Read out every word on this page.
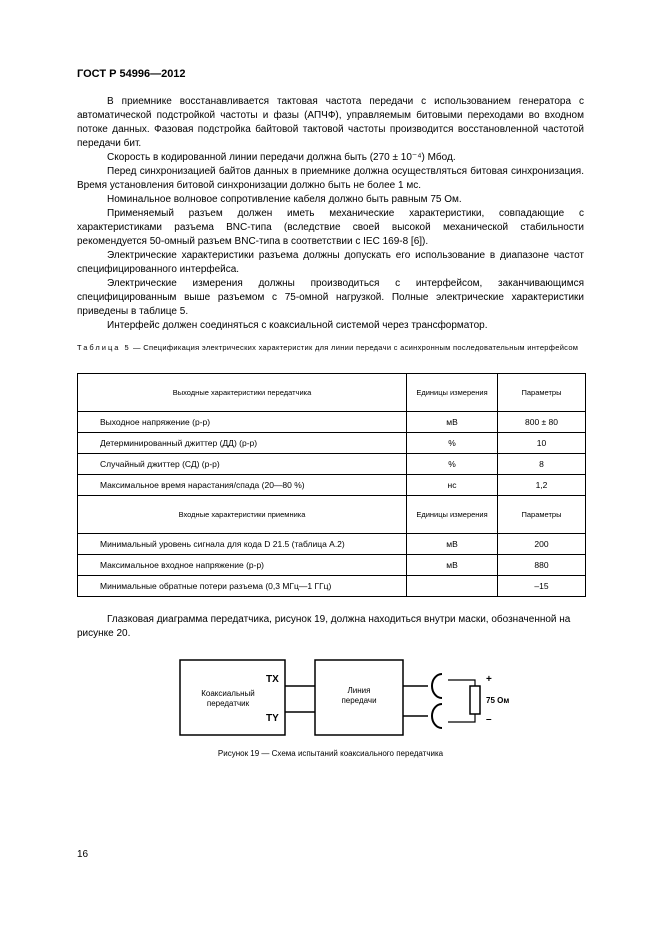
ГОСТ Р 54996—2012

В приемнике восстанавливается тактовая частота передачи с использованием генератора с автоматической подстройкой частоты и фазы (АПЧФ), управляемым битовыми переходами во входном потоке данных. Фазовая подстройка байтовой тактовой частоты производится восстановленной частотой передачи бит.

Скорость в кодированной линии передачи должна быть (270 ± 10⁻⁴) Мбод.

Перед синхронизацией байтов данных в приемнике должна осуществляться битовая синхронизация. Время установления битовой синхронизации должно быть не более 1 мс.

Номинальное волновое сопротивление кабеля должно быть равным 75 Ом.

Применяемый разъем должен иметь механические характеристики, совпадающие с характеристиками разъема BNC-типа (вследствие своей высокой механической стабильности рекомендуется 50-омный разъем BNC-типа в соответствии с IEC 169-8 [6]).

Электрические характеристики разъема должны допускать его использование в диапазоне частот специфицированного интерфейса.

Электрические измерения должны производиться с интерфейсом, заканчивающимся специфицированным выше разъемом с 75-омной нагрузкой. Полные электрические характеристики приведены в таблице 5.

Интерфейс должен соединяться с коаксиальной системой через трансформатор.

Таблица 5 — Спецификация электрических характеристик для линии передачи с асинхронным последовательным интерфейсом
Выходные характеристики передатчика	Единицы измерения	Параметры
Выходное напряжение (р-р)	мВ	800 ± 80
Детерминированный джиттер (ДД) (р-р)	%	10
Случайный джиттер (СД) (р-р)	%	8
Максимальное время нарастания/спада (20—80 %)	нс	1,2
Входные характеристики приемника	Единицы измерения	Параметры
Минимальный уровень сигнала для кода D 21.5 (таблица А.2)	мВ	200
Максимальное входное напряжение (р-р)	мВ	880
Минимальные обратные потери разъема (0,3 МГц—1 ГГц)		–15

Глазковая диаграмма передатчика, рисунок 19, должна находиться внутри маски, обозначенной на рисунке 20.

Коаксиальный
передатчик
TX
TY
Линия
передачи
+
75 Ом
–
Рисунок 19 — Схема испытаний коаксиального передатчика
16
